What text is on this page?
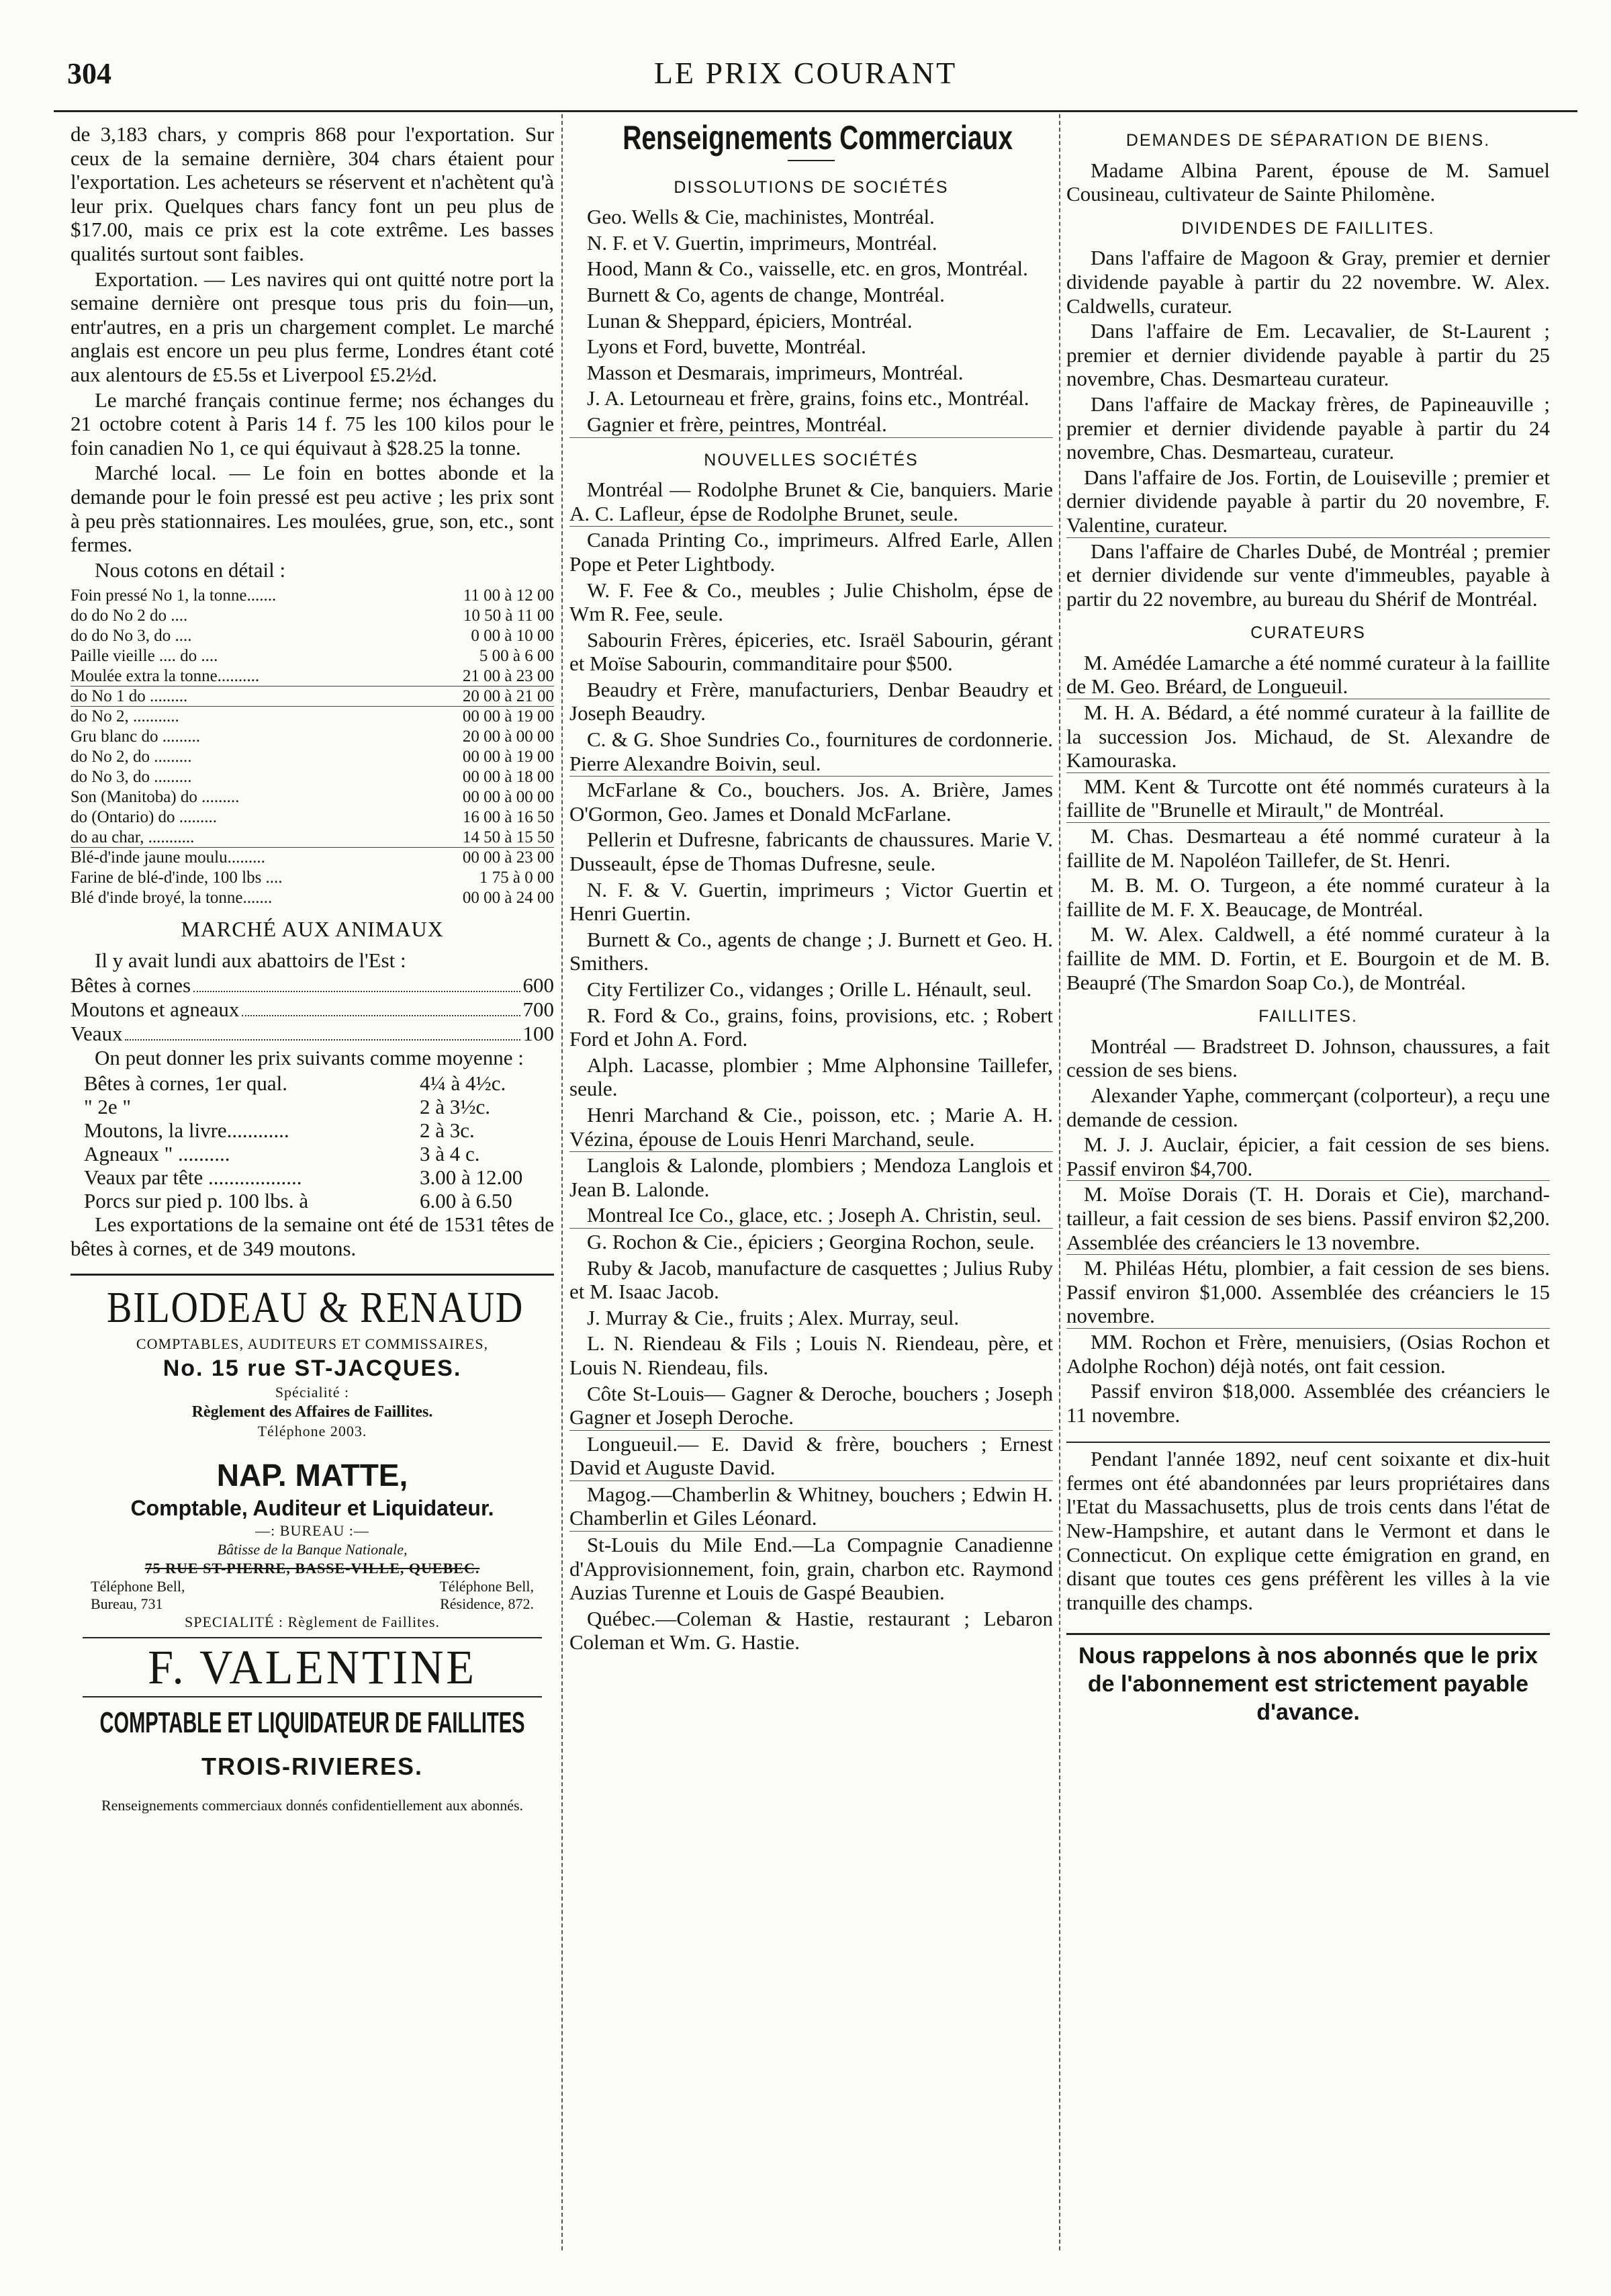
304	LE PRIX COURANT

de 3,183 chars, y compris 868 pour l'exportation. Sur ceux de la semaine dernière, 304 chars étaient pour l'exportation. Les acheteurs se réservent et n'achètent qu'à leur prix. Quelques chars fancy font un peu plus de $17.00, mais ce prix est la cote extrême. Les basses qualités surtout sont faibles.

Exportation. — Les navires qui ont quitté notre port la semaine dernière ont presque tous pris du foin—un, entr'autres, en a pris un chargement complet. Le marché anglais est encore un peu plus ferme, Londres étant coté aux alentours de £5.5s et Liverpool £5.2½d.

Le marché français continue ferme; nos échanges du 21 octobre cotent à Paris 14 f. 75 les 100 kilos pour le foin canadien No 1, ce qui équivaut à $28.25 la tonne.

Marché local. — Le foin en bottes abonde et la demande pour le foin pressé est peu active ; les prix sont à peu près stationnaires. Les moulées, grue, son, etc., sont fermes.

Nous cotons en détail :

Foin pressé No 1, la tonne.......	11 00 à 12 00
do do No 2 do ....	10 50 à 11 00
do do No 3, do ....	0 00 à 10 00
Paille vieille .... do ....	5 00 à 6 00
Moulée extra la tonne..........	21 00 à 23 00
do No 1 do .........	20 00 à 21 00
do No 2, ...........	00 00 à 19 00
Gru blanc do .........	20 00 à 00 00
do No 2, do .........	00 00 à 19 00
do No 3, do .........	00 00 à 18 00
Son (Manitoba) do .........	00 00 à 00 00
do (Ontario) do .........	16 00 à 16 50
do au char, ...........	14 50 à 15 50
Blé-d'inde jaune moulu.........	00 00 à 23 00
Farine de blé-d'inde, 100 lbs ....	1 75 à 0 00
Blé d'inde broyé, la tonne.......	00 00 à 24 00
MARCHÉ AUX ANIMAUX

Il y avait lundi aux abattoirs de l'Est :

Bêtes à cornes	600
Moutons et agneaux	700
Veaux	100

On peut donner les prix suivants comme moyenne :

Bêtes à cornes, 1er qual.	4¼ à 4½c.
" 2e "	2 à 3½c.
Moutons, la livre............	2 à 3c.
Agneaux " ..........	3 à 4 c.
Veaux par tête ..................	3.00 à 12.00
Porcs sur pied p. 100 lbs. à	6.00 à 6.50

Les exportations de la semaine ont été de 1531 têtes de bêtes à cornes, et de 349 moutons.

BILODEAU & RENAUD
COMPTABLES, AUDITEURS ET COMMISSAIRES,
No. 15 rue ST-JACQUES.
Spécialité :
Règlement des Affaires de Faillites.
Téléphone 2003.
NAP. MATTE,
Comptable, Auditeur et Liquidateur.
—: BUREAU :—
Bâtisse de la Banque Nationale,
75 RUE ST-PIERRE, BASSE-VILLE, QUEBEC.
Téléphone Bell,	Téléphone Bell,
Bureau, 731	Résidence, 872.
SPECIALITÉ : Règlement de Faillites.
F. VALENTINE
COMPTABLE ET LIQUIDATEUR DE FAILLITES
TROIS-RIVIERES.
Renseignements commerciaux donnés confidentiellement aux abonnés.
Renseignements Commerciaux
DISSOLUTIONS DE SOCIÉTÉS

Geo. Wells & Cie, machinistes, Montréal.

N. F. et V. Guertin, imprimeurs, Montréal.

Hood, Mann & Co., vaisselle, etc. en gros, Montréal.

Burnett & Co, agents de change, Montréal.

Lunan & Sheppard, épiciers, Montréal.

Lyons et Ford, buvette, Montréal.

Masson et Desmarais, imprimeurs, Montréal.

J. A. Letourneau et frère, grains, foins etc., Montréal.

Gagnier et frère, peintres, Montréal.

NOUVELLES SOCIÉTÉS

Montréal — Rodolphe Brunet & Cie, banquiers. Marie A. C. Lafleur, épse de Rodolphe Brunet, seule.

Canada Printing Co., imprimeurs. Alfred Earle, Allen Pope et Peter Lightbody.

W. F. Fee & Co., meubles ; Julie Chisholm, épse de Wm R. Fee, seule.

Sabourin Frères, épiceries, etc. Israël Sabourin, gérant et Moïse Sabourin, commanditaire pour $500.

Beaudry et Frère, manufacturiers, Denbar Beaudry et Joseph Beaudry.

C. & G. Shoe Sundries Co., fournitures de cordonnerie. Pierre Alexandre Boivin, seul.

McFarlane & Co., bouchers. Jos. A. Brière, James O'Gormon, Geo. James et Donald McFarlane.

Pellerin et Dufresne, fabricants de chaussures. Marie V. Dusseault, épse de Thomas Dufresne, seule.

N. F. & V. Guertin, imprimeurs ; Victor Guertin et Henri Guertin.

Burnett & Co., agents de change ; J. Burnett et Geo. H. Smithers.

City Fertilizer Co., vidanges ; Orille L. Hénault, seul.

R. Ford & Co., grains, foins, provisions, etc. ; Robert Ford et John A. Ford.

Alph. Lacasse, plombier ; Mme Alphonsine Taillefer, seule.

Henri Marchand & Cie., poisson, etc. ; Marie A. H. Vézina, épouse de Louis Henri Marchand, seule.

Langlois & Lalonde, plombiers ; Mendoza Langlois et Jean B. Lalonde.

Montreal Ice Co., glace, etc. ; Joseph A. Christin, seul.

G. Rochon & Cie., épiciers ; Georgina Rochon, seule.

Ruby & Jacob, manufacture de casquettes ; Julius Ruby et M. Isaac Jacob.

J. Murray & Cie., fruits ; Alex. Murray, seul.

L. N. Riendeau & Fils ; Louis N. Riendeau, père, et Louis N. Riendeau, fils.

Côte St-Louis— Gagner & Deroche, bouchers ; Joseph Gagner et Joseph Deroche.

Longueuil.— E. David & frère, bouchers ; Ernest David et Auguste David.

Magog.—Chamberlin & Whitney, bouchers ; Edwin H. Chamberlin et Giles Léonard.

St-Louis du Mile End.—La Compagnie Canadienne d'Approvisionnement, foin, grain, charbon etc. Raymond Auzias Turenne et Louis de Gaspé Beaubien.

Québec.—Coleman & Hastie, restaurant ; Lebaron Coleman et Wm. G. Hastie.

DEMANDES DE SÉPARATION DE BIENS.

Madame Albina Parent, épouse de M. Samuel Cousineau, cultivateur de Sainte Philomène.

DIVIDENDES DE FAILLITES.

Dans l'affaire de Magoon & Gray, premier et dernier dividende payable à partir du 22 novembre. W. Alex. Caldwells, curateur.

Dans l'affaire de Em. Lecavalier, de St-Laurent ; premier et dernier dividende payable à partir du 25 novembre, Chas. Desmarteau curateur.

Dans l'affaire de Mackay frères, de Papineauville ; premier et dernier dividende payable à partir du 24 novembre, Chas. Desmarteau, curateur.

Dans l'affaire de Jos. Fortin, de Louiseville ; premier et dernier dividende payable à partir du 20 novembre, F. Valentine, curateur.

Dans l'affaire de Charles Dubé, de Montréal ; premier et dernier dividende sur vente d'immeubles, payable à partir du 22 novembre, au bureau du Shérif de Montréal.

CURATEURS

M. Amédée Lamarche a été nommé curateur à la faillite de M. Geo. Bréard, de Longueuil.

M. H. A. Bédard, a été nommé curateur à la faillite de la succession Jos. Michaud, de St. Alexandre de Kamouraska.

MM. Kent & Turcotte ont été nommés curateurs à la faillite de "Brunelle et Mirault," de Montréal.

M. Chas. Desmarteau a été nommé curateur à la faillite de M. Napoléon Taillefer, de St. Henri.

M. B. M. O. Turgeon, a éte nommé curateur à la faillite de M. F. X. Beaucage, de Montréal.

M. W. Alex. Caldwell, a été nommé curateur à la faillite de MM. D. Fortin, et E. Bourgoin et de M. B. Beaupré (The Smardon Soap Co.), de Montréal.

FAILLITES.

Montréal — Bradstreet D. Johnson, chaussures, a fait cession de ses biens.

Alexander Yaphe, commerçant (colporteur), a reçu une demande de cession.

M. J. J. Auclair, épicier, a fait cession de ses biens. Passif environ $4,700.

M. Moïse Dorais (T. H. Dorais et Cie), marchand-tailleur, a fait cession de ses biens. Passif environ $2,200. Assemblée des créanciers le 13 novembre.

M. Philéas Hétu, plombier, a fait cession de ses biens. Passif environ $1,000. Assemblée des créanciers le 15 novembre.

MM. Rochon et Frère, menuisiers, (Osias Rochon et Adolphe Rochon) déjà notés, ont fait cession.

Passif environ $18,000. Assemblée des créanciers le 11 novembre.

Pendant l'année 1892, neuf cent soixante et dix-huit fermes ont été abandonnées par leurs propriétaires dans l'Etat du Massachusetts, plus de trois cents dans l'état de New-Hampshire, et autant dans le Vermont et dans le Connecticut. On explique cette émigration en grand, en disant que toutes ces gens préfèrent les villes à la vie tranquille des champs.

Nous rappelons à nos abonnés que le prix de l'abonnement est strictement payable d'avance.
